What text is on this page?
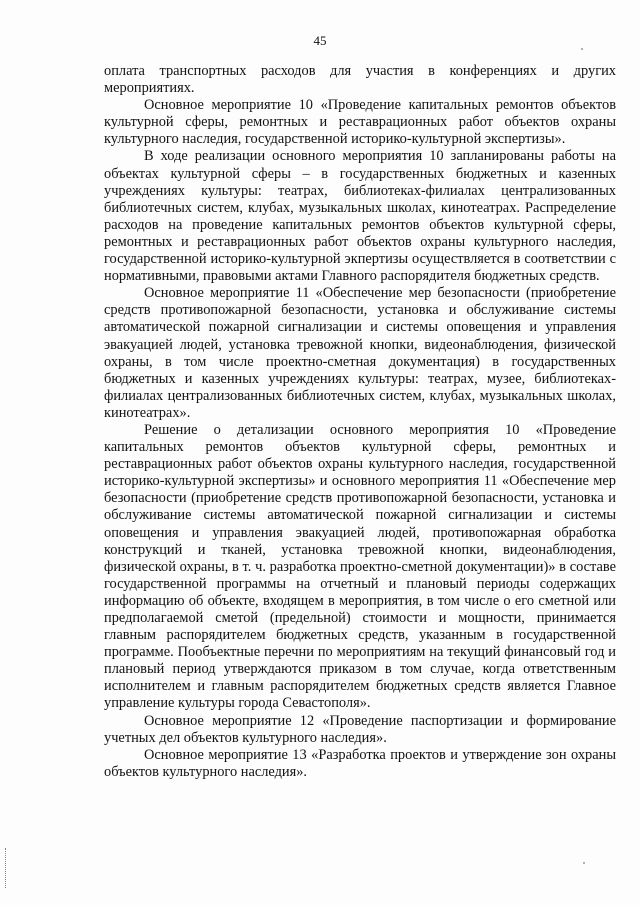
45

оплата транспортных расходов для участия в конференциях и других мероприятиях.

Основное мероприятие 10 «Проведение капитальных ремонтов объектов культурной сферы, ремонтных и реставрационных работ объектов охраны культурного наследия, государственной историко-культурной экспертизы».

В ходе реализации основного мероприятия 10 запланированы работы на объектах культурной сферы – в государственных бюджетных и казенных учреждениях культуры: театрах, библиотеках-филиалах централизованных библиотечных систем, клубах, музыкальных школах, кинотеатрах. Распределение расходов на проведение капитальных ремонтов объектов культурной сферы, ремонтных и реставрационных работ объектов охраны культурного наследия, государственной историко-культурной экпертизы осуществляется в соответствии с нормативными, правовыми актами Главного распорядителя бюджетных средств.

Основное мероприятие 11 «Обеспечение мер безопасности (приобретение средств противопожарной безопасности, установка и обслуживание системы автоматической пожарной сигнализации и системы оповещения и управления эвакуацией людей, установка тревожной кнопки, видеонаблюдения, физической охраны, в том числе проектно-сметная документация) в государственных бюджетных и казенных учреждениях культуры: театрах, музее, библиотеках-филиалах централизованных библиотечных систем, клубах, музыкальных школах, кинотеатрах».

Решение о детализации основного мероприятия 10 «Проведение капитальных ремонтов объектов культурной сферы, ремонтных и реставрационных работ объектов охраны культурного наследия, государственной историко-культурной экспертизы» и основного мероприятия 11 «Обеспечение мер безопасности (приобретение средств противопожарной безопасности, установка и обслуживание системы автоматической пожарной сигнализации и системы оповещения и управления эвакуацией людей, противопожарная обработка конструкций и тканей, установка тревожной кнопки, видеонаблюдения, физической охраны, в т. ч. разработка проектно-сметной документации)» в составе государственной программы на отчетный и плановый периоды содержащих информацию об объекте, входящем в мероприятия, в том числе о его сметной или предполагаемой сметой (предельной) стоимости и мощности, принимается главным распорядителем бюджетных средств, указанным в государственной программе. Пообъектные перечни по мероприятиям на текущий финансовый год и плановый период утверждаются приказом в том случае, когда ответственным исполнителем и главным распорядителем бюджетных средств является Главное управление культуры города Севастополя».

Основное мероприятие 12 «Проведение паспортизации и формирование учетных дел объектов культурного наследия».

Основное мероприятие 13 «Разработка проектов и утверждение зон охраны объектов культурного наследия».
